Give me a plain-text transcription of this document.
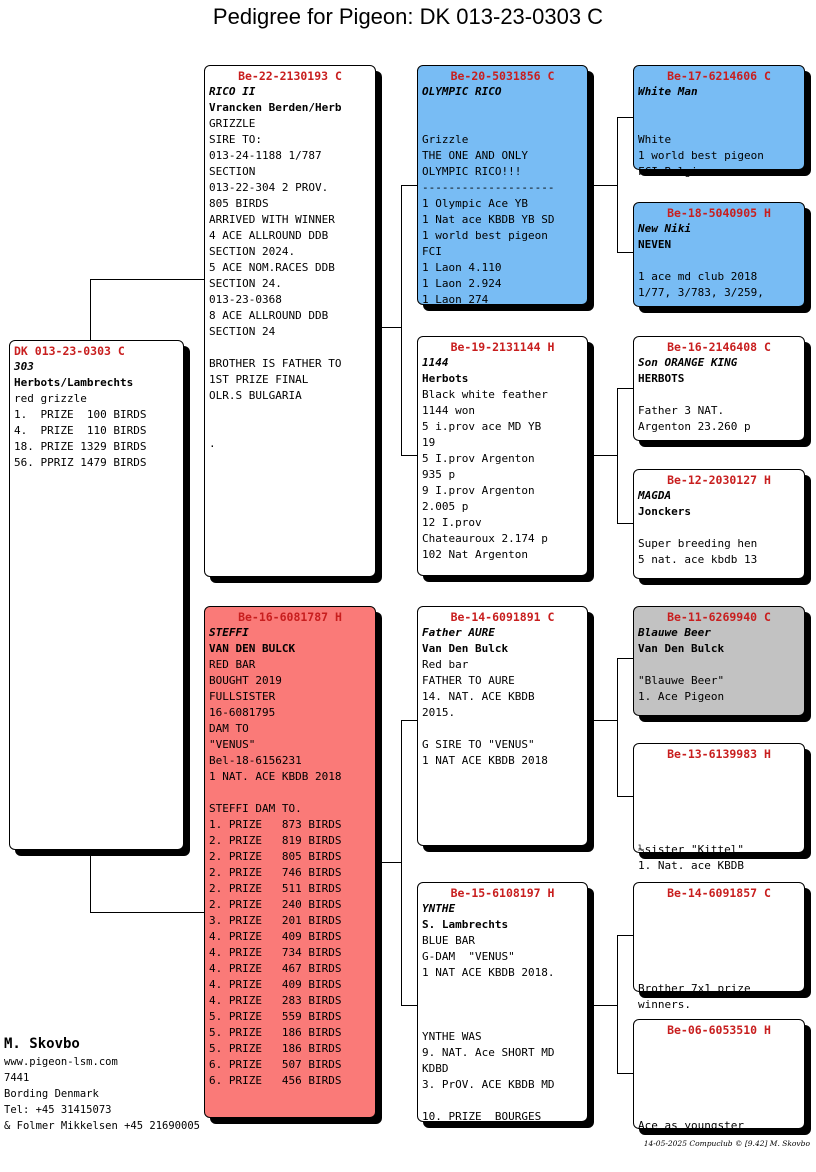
Pedigree for Pigeon: DK 013-23-0303 C
DK 013-23-0303 C
303
Herbots/Lambrechts
red grizzle
1.  PRIZE  100 BIRDS
4.  PRIZE  110 BIRDS
18. PRIZE 1329 BIRDS
56. PPRIZ 1479 BIRDS
Be-22-2130193 C
RICO II
Vrancken Berden/Herb
GRIZZLE
SIRE TO:
013-24-1188 1/787
SECTION
013-22-304 2 PROV.
805 BIRDS
ARRIVED WITH WINNER
4 ACE ALLROUND DDB
SECTION 2024.
5 ACE NOM.RACES DDB
SECTION 24.
013-23-0368
8 ACE ALLROUND DDB
SECTION 24
BROTHER IS FATHER TO
1ST PRIZE FINAL
OLR.S BULGARIA
.
Be-16-6081787 H
STEFFI
VAN DEN BULCK
RED BAR
BOUGHT 2019
FULLSISTER
16-6081795
DAM TO
"VENUS"
Bel-18-6156231
1 NAT. ACE KBDB 2018
STEFFI DAM TO.
1. PRIZE   873 BIRDS
2. PRIZE   819 BIRDS
2. PRIZE   805 BIRDS
2. PRIZE   746 BIRDS
2. PRIZE   511 BIRDS
2. PRIZE   240 BIRDS
3. PRIZE   201 BIRDS
4. PRIZE   409 BIRDS
4. PRIZE   734 BIRDS
4. PRIZE   467 BIRDS
4. PRIZE   409 BIRDS
4. PRIZE   283 BIRDS
5. PRIZE   559 BIRDS
5. PRIZE   186 BIRDS
5. PRIZE   186 BIRDS
6. PRIZE   507 BIRDS
6. PRIZE   456 BIRDS
Be-20-5031856 C
OLYMPIC RICO
Grizzle
THE ONE AND ONLY
OLYMPIC RICO!!!
--------------------
1 Olympic Ace YB
1 Nat ace KBDB YB SD
1 world best pigeon
FCI
1 Laon 4.110
1 Laon 2.924
1 Laon 274
Be-19-2131144 H
1144
Herbots
Black white feather
1144 won
5 i.prov ace MD YB
19
5 I.prov Argenton
935 p
9 I.prov Argenton
2.005 p
12 I.prov
Chateauroux 2.174 p
102 Nat Argenton
Be-14-6091891 C
Father AURE
Van Den Bulck
Red bar
FATHER TO AURE
14. NAT. ACE KBDB
2015.
G SIRE TO "VENUS"
1 NAT ACE KBDB 2018
Be-15-6108197 H
YNTHE
S. Lambrechts
BLUE BAR
G-DAM  "VENUS"
1 NAT ACE KBDB 2018.
YNTHE WAS
9. NAT. Ace SHORT MD
KDBD
3. PrOV. ACE KBDB MD
10. PRIZE  BOURGES
Be-17-6214606 C
White Man
White
1 world best pigeon
FCI Belgium.
Be-18-5040905 H
New Niki
NEVEN
1 ace md club 2018
1/77, 3/783, 3/259,
Be-16-2146408 C
Son ORANGE KING
HERBOTS
Father 3 NAT.
Argenton 23.260 p
Be-12-2030127 H
MAGDA
Jonckers
Super breeding hen
5 nat. ace kbdb 13
Be-11-6269940 C
Blauwe Beer
Van Den Bulck
"Blauwe Beer"
1. Ace Pigeon
Be-13-6139983 H
½sister "Kittel"
1. Nat. ace KBDB
Be-14-6091857 C
Brother 7x1 prize
winners.
Be-06-6053510 H
Ace as youngster
M. Skovbo
www.pigeon-lsm.com
7441
Bording Denmark
Tel: +45 31415073
& Folmer Mikkelsen +45 21690005
14-05-2025 Compuclub © [9.42] M. Skovbo
